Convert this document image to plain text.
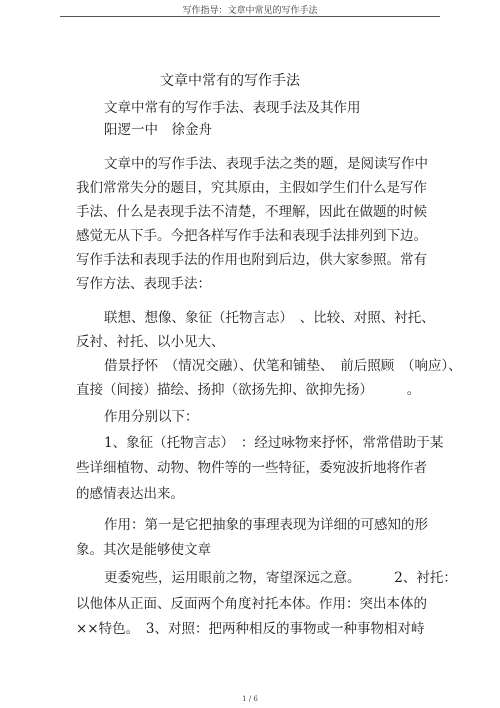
写作指导：文章中常见的写作手法
文章中常有的写作手法
文章中常有的写作手法、表现手法及其作用
阳逻一中　徐金舟
文章中的写作手法、表现手法之类的题，是阅读写作中
我们常常失分的题目，究其原由，主假如学生们什么是写作
手法、什么是表现手法不清楚，不理解，因此在做题的时候
感觉无从下手。今把各样写作手法和表现手法排列到下边。
写作手法和表现手法的作用也附到后边，供大家参照。常有
写作方法、表现手法：
联想、想像、象征（托物言志）　、比较、对照、衬托、
反衬、衬托、以小见大、
借景抒怀　（情况交融）、伏笔和铺垫、　前后照顾　（响应）、
直接（间接）描绘、扬抑（欲扬先抑、欲抑先扬）　　　。
作用分别以下：
1、象征（托物言志）　：经过咏物来抒怀，常常借助于某
些详细植物、动物、物件等的一些特征，委宛波折地将作者
的感情表达出来。
作用：第一是它把抽象的事理表现为详细的可感知的形
象。其次是能够使文章
更委宛些，运用眼前之物，寄望深远之意。　　　2、衬托：
以他体从正面、反面两个角度衬托本体。作用：突出本体的
××特色。　3、对照：把两种相反的事物或一种事物相对峙
1 / 6
